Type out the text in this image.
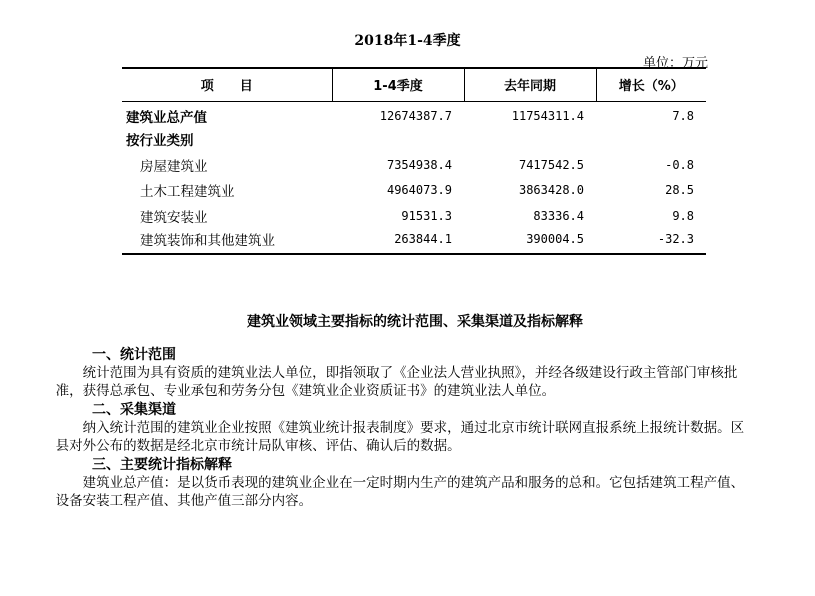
2018年1-4季度
单位：万元
项　　目	1-4季度	去年同期	增长（%）
建筑业总产值	12674387.7	11754311.4	7.8
按行业类别			
房屋建筑业	7354938.4	7417542.5	-0.8
土木工程建筑业	4964073.9	3863428.0	28.5
建筑安装业	91531.3	83336.4	9.8
建筑装饰和其他建筑业	263844.1	390004.5	-32.3
建筑业领域主要指标的统计范围、采集渠道及指标解释
一、统计范围
统计范围为具有资质的建筑业法人单位，即指领取了《企业法人营业执照》，并经各级建设行政主管部门审核批准，获得总承包、专业承包和劳务分包《建筑业企业资质证书》的建筑业法人单位。
二、采集渠道
纳入统计范围的建筑业企业按照《建筑业统计报表制度》要求，通过北京市统计联网直报系统上报统计数据。区县对外公布的数据是经北京市统计局队审核、评估、确认后的数据。
三、主要统计指标解释
建筑业总产值：是以货币表现的建筑业企业在一定时期内生产的建筑产品和服务的总和。它包括建筑工程产值、设备安装工程产值、其他产值三部分内容。
